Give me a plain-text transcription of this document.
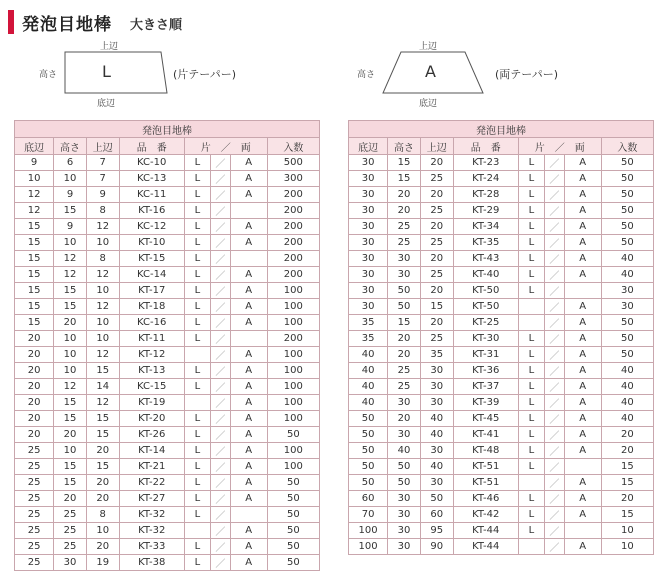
発泡目地棒 大きさ順
上辺
底辺
高さ	L	(片テーパー)
上辺
底辺
高さ	A	(両テーパー)
発泡目地棒							
底辺	高さ	上辺	品　番	片　／　両			入数
9	6	7	KC-10	L	／	A	500
10	10	7	KC-13	L	／	A	300
12	9	9	KC-11	L	／	A	200
12	15	8	KT-16	L	／		200
15	9	12	KC-12	L	／	A	200
15	10	10	KT-10	L	／	A	200
15	12	8	KT-15	L	／		200
15	12	12	KC-14	L	／	A	200
15	15	10	KT-17	L	／	A	100
15	15	12	KT-18	L	／	A	100
15	20	10	KC-16	L	／	A	100
20	10	10	KT-11	L	／		200
20	10	12	KT-12		／	A	100
20	10	15	KT-13	L	／	A	100
20	12	14	KC-15	L	／	A	100
20	15	12	KT-19		／	A	100
20	15	15	KT-20	L	／	A	100
20	20	15	KT-26	L	／	A	50
25	10	20	KT-14	L	／	A	100
25	15	15	KT-21	L	／	A	100
25	15	20	KT-22	L	／	A	50
25	20	20	KT-27	L	／	A	50
25	25	8	KT-32	L	／		50
25	25	10	KT-32		／	A	50
25	25	20	KT-33	L	／	A	50
25	30	19	KT-38	L	／	A	50
発泡目地棒							
底辺	高さ	上辺	品　番	片　／　両			入数
30	15	20	KT-23	L	／	A	50
30	15	25	KT-24	L	／	A	50
30	20	20	KT-28	L	／	A	50
30	20	25	KT-29	L	／	A	50
30	25	20	KT-34	L	／	A	50
30	25	25	KT-35	L	／	A	50
30	30	20	KT-43	L	／	A	40
30	30	25	KT-40	L	／	A	40
30	50	20	KT-50	L	／		30
30	50	15	KT-50		／	A	30
35	15	20	KT-25		／	A	50
35	20	25	KT-30	L	／	A	50
40	20	35	KT-31	L	／	A	50
40	25	30	KT-36	L	／	A	40
40	25	30	KT-37	L	／	A	40
40	30	30	KT-39	L	／	A	40
50	20	40	KT-45	L	／	A	40
50	30	40	KT-41	L	／	A	20
50	40	30	KT-48	L	／	A	20
50	50	40	KT-51	L	／		15
50	50	30	KT-51		／	A	15
60	30	50	KT-46	L	／	A	20
70	30	60	KT-42	L	／	A	15
100	30	95	KT-44	L	／		10
100	30	90	KT-44		／	A	10
